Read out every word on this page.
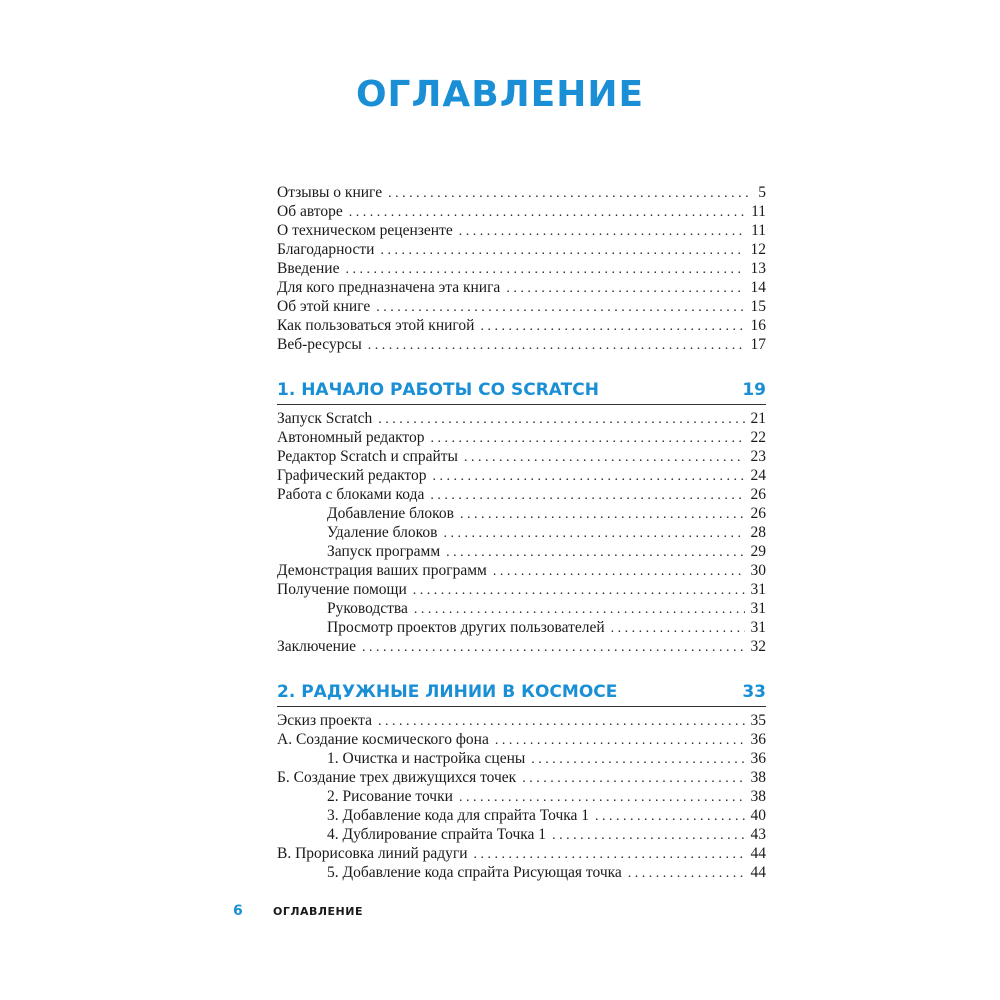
ОГЛАВЛЕНИЕ
Отзывы о книге . . .	5
Об авторе . . .	11
О техническом рецензенте . . .	11
Благодарности . . .	12
Введение . . .	13
Для кого предназначена эта книга . . .	14
Об этой книге . . .	15
Как пользоваться этой книгой . . .	16
Веб-ресурсы . . .	17
1. НАЧАЛО РАБОТЫ СО SCRATCH	19
Запуск Scratch . . .	21
Автономный редактор . . .	22
Редактор Scratch и спрайты . . .	23
Графический редактор . . .	24
Работа с блоками кода . . .	26
Добавление блоков . . .	26
Удаление блоков . . .	28
Запуск программ . . .	29
Демонстрация ваших программ . . .	30
Получение помощи . . .	31
Руководства . . .	31
Просмотр проектов других пользователей . . .	31
Заключение . . .	32
2. РАДУЖНЫЕ ЛИНИИ В КОСМОСЕ	33
Эскиз проекта . . .	35
А. Создание космического фона . . .	36
1. Очистка и настройка сцены . . .	36
Б. Создание трех движущихся точек . . .	38
2. Рисование точки . . .	38
3. Добавление кода для спрайта Точка 1 . . .	40
4. Дублирование спрайта Точка 1 . . .	43
В. Прорисовка линий радуги . . .	44
5. Добавление кода спрайта Рисующая точка . . .	44
6	ОГЛАВЛЕНИЕ
